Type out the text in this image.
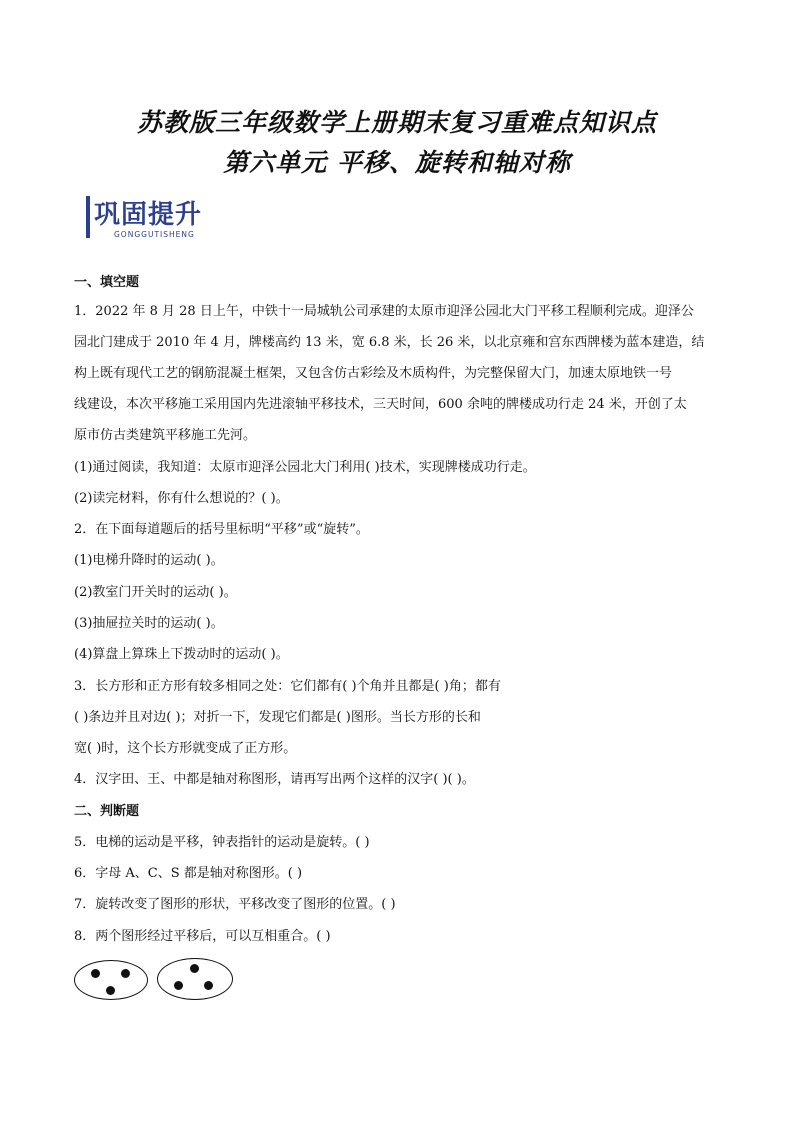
苏教版三年级数学上册期末复习重难点知识点
第六单元 平移、旋转和轴对称
巩固提升
GONGGUTISHENG
一、填空题
1．2022 年 8 月 28 日上午，中铁十一局城轨公司承建的太原市迎泽公园北大门平移工程顺利完成。迎泽公
园北门建成于 2010 年 4 月，牌楼高约 13 米，宽 6.8 米，长 26 米，以北京雍和宫东西牌楼为蓝本建造，结
构上既有现代工艺的钢筋混凝土框架，又包含仿古彩绘及木质构件，为完整保留大门，加速太原地铁一号
线建设，本次平移施工采用国内先进滚轴平移技术，三天时间，600 余吨的牌楼成功行走 24 米，开创了太
原市仿古类建筑平移施工先河。
(1)通过阅读，我知道：太原市迎泽公园北大门利用( )技术，实现牌楼成功行走。
(2)读完材料，你有什么想说的？( )。
2．在下面每道题后的括号里标明“平移”或“旋转”。
(1)电梯升降时的运动( )。
(2)教室门开关时的运动( )。
(3)抽屉拉关时的运动( )。
(4)算盘上算珠上下拨动时的运动( )。
3．长方形和正方形有较多相同之处：它们都有( )个角并且都是( )角；都有
( )条边并且对边( )；对折一下，发现它们都是( )图形。当长方形的长和
宽( )时，这个长方形就变成了正方形。
4．汉字田、王、中都是轴对称图形，请再写出两个这样的汉字( )( )。
二、判断题
5．电梯的运动是平移，钟表指针的运动是旋转。( )
6．字母 A、C、S 都是轴对称图形。( )
7．旋转改变了图形的形状，平移改变了图形的位置。( )
8．两个图形经过平移后，可以互相重合。( )
